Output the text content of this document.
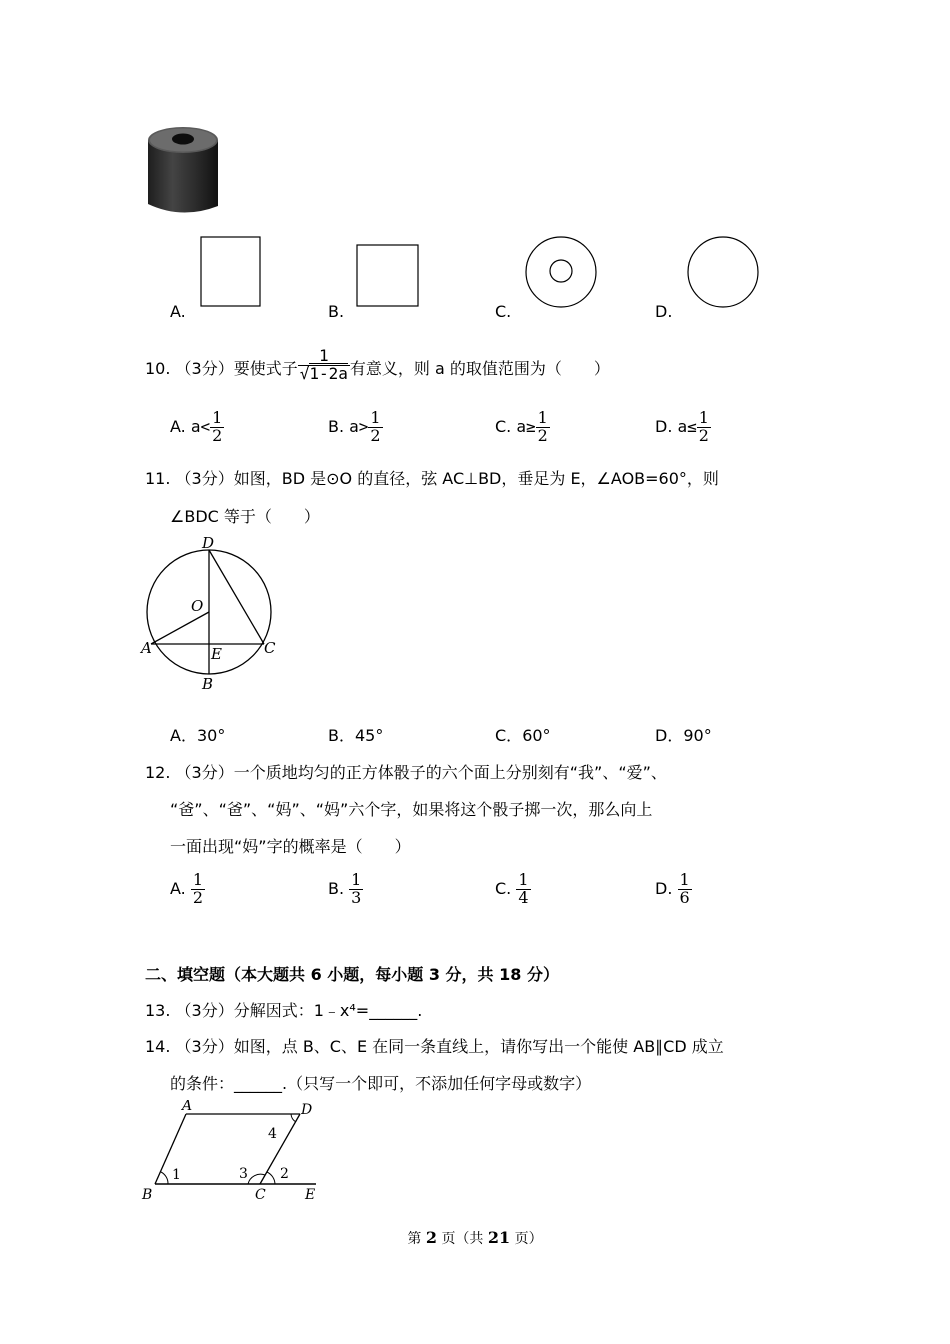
A.	B.	C.	D.
10. （3分）要使式子 $\frac{1}{√1-2a}$ 有意义，则 a 的取值范围为（　　）
A. $a< \frac{1}{2}$	B. $a> \frac{1}{2}$	C. $a\ge \frac{1}{2}$	D. $a\le \frac{1}{2}$
11. （3分）如图，BD 是⊙O 的直径，弦 AC⊥BD，垂足为 E，∠AOB=60°，则
∠BDC 等于（　　）
D
O
A	E	C
B
A．30°	B．45°	C．60°	D．90°
12. （3分）一个质地均匀的正方体骰子的六个面上分别刻有“我”、“爱”、
“爸”、“爸”、“妈”、“妈”六个字，如果将这个骰子掷一次，那么向上
一面出现“妈”字的概率是（　　）
A. $\frac{1}{2}$	B. $\frac{1}{3}$	C. $\frac{1}{4}$	D. $\frac{1}{6}$
二、填空题（本大题共 6 小题，每小题 3 分，共 18 分）
13. （3分）分解因式：1﹣x⁴=______.
14. （3分）如图，点 B、C、E 在同一条直线上，请你写出一个能使 AB∥CD 成立
的条件：______.（只写一个即可，不添加任何字母或数字）
A	D
B	C	E
1	2
3
4
第 2 页（共 21 页）
